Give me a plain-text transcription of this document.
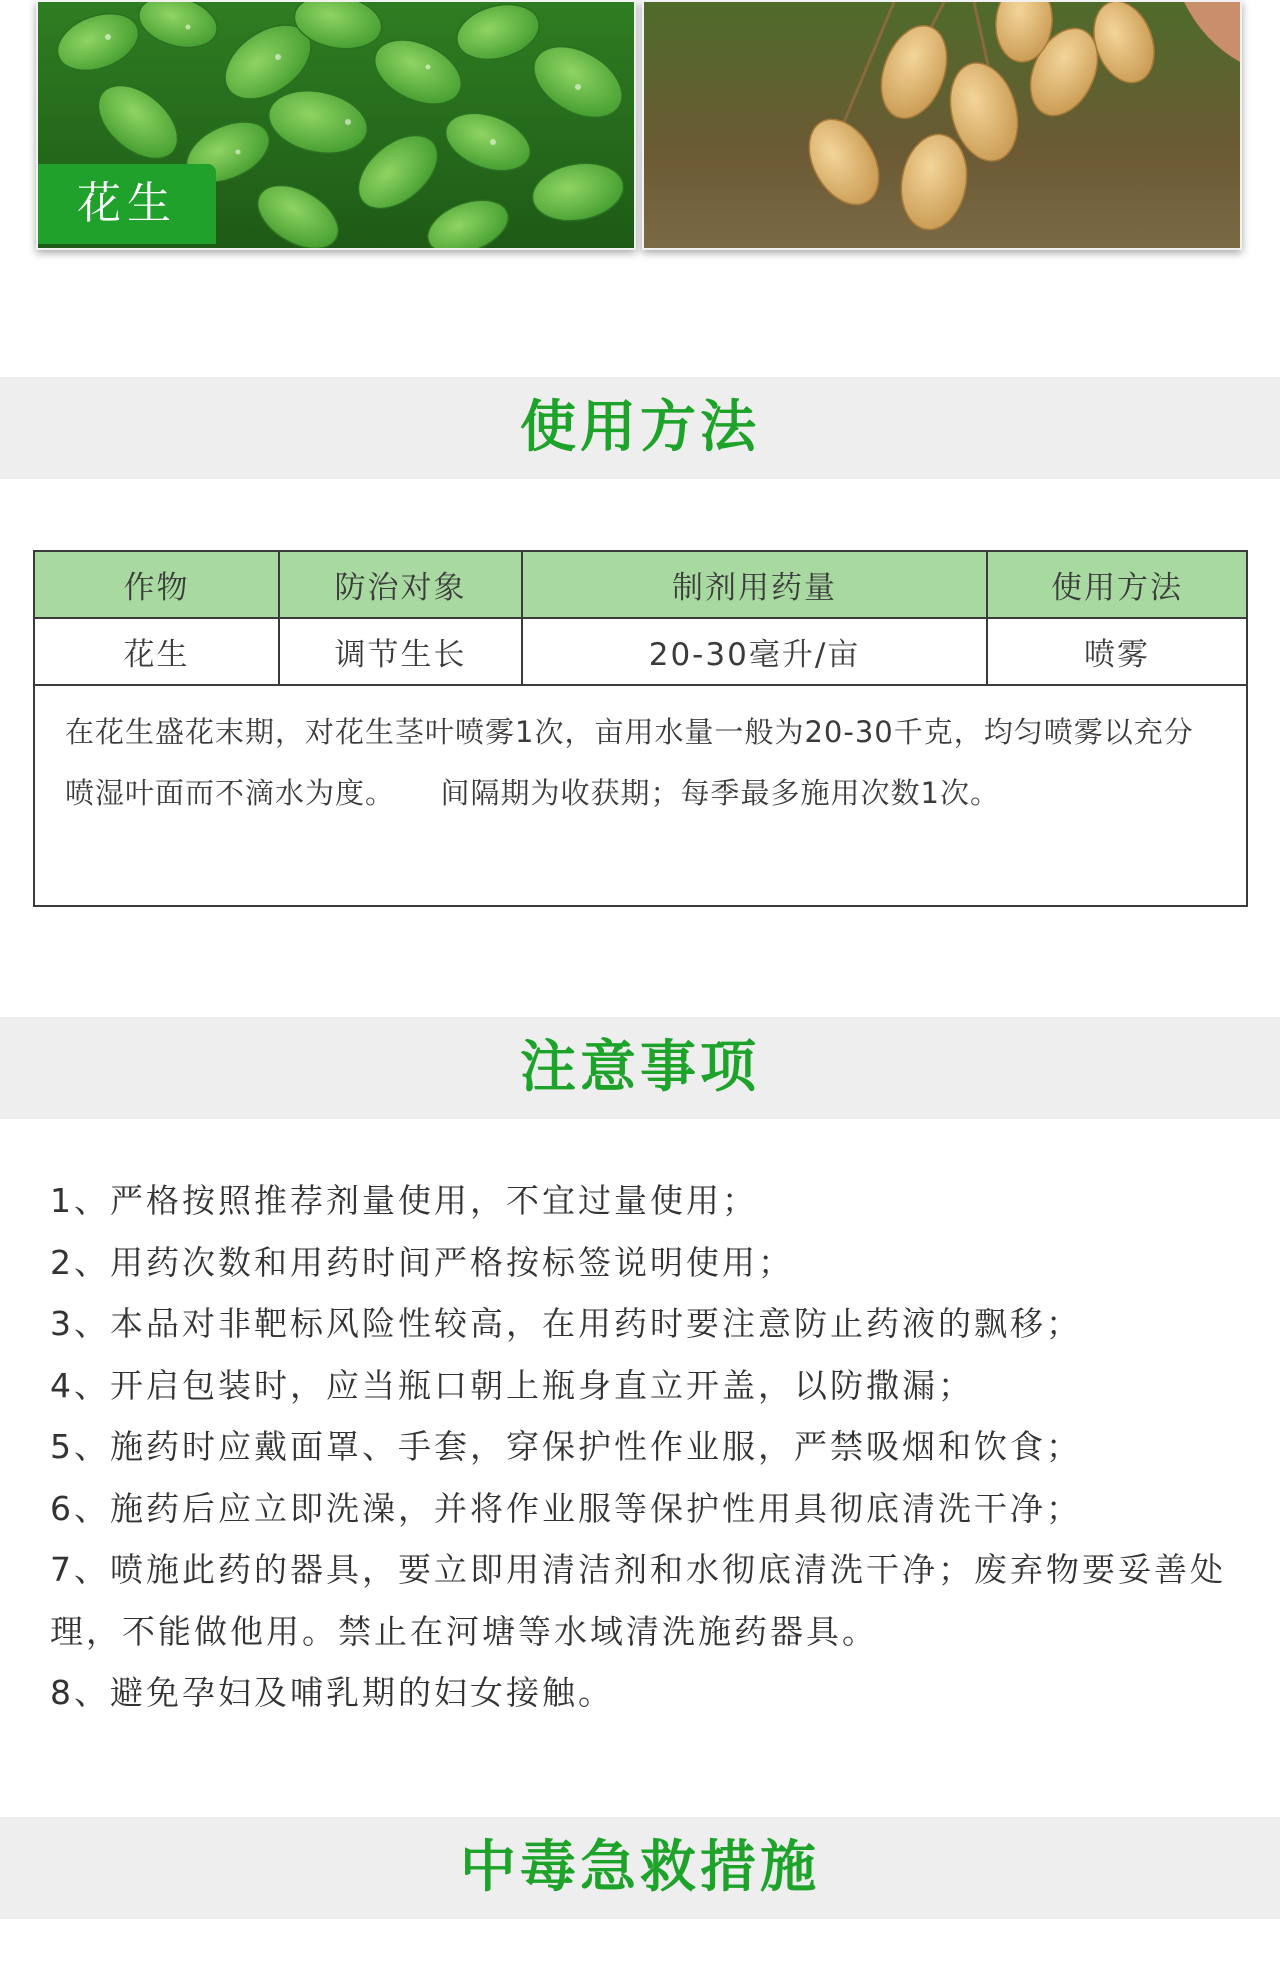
花生
使用方法
作物	防治对象	制剂用药量	使用方法
花生	调节生长	20-30毫升/亩	喷雾
在花生盛花末期，对花生茎叶喷雾1次，亩用水量一般为20-30千克，均匀喷雾以充分喷湿叶面而不滴水为度。　　间隔期为收获期；每季最多施用次数1次。
注意事项
1、严格按照推荐剂量使用，不宜过量使用；
2、用药次数和用药时间严格按标签说明使用；
3、本品对非靶标风险性较高，在用药时要注意防止药液的飘移；
4、开启包装时，应当瓶口朝上瓶身直立开盖，以防撒漏；
5、施药时应戴面罩、手套，穿保护性作业服，严禁吸烟和饮食；
6、施药后应立即洗澡，并将作业服等保护性用具彻底清洗干净；
7、喷施此药的器具，要立即用清洁剂和水彻底清洗干净；废弃物要妥善处理，不能做他用。禁止在河塘等水域清洗施药器具。
8、避免孕妇及哺乳期的妇女接触。
中毒急救措施
